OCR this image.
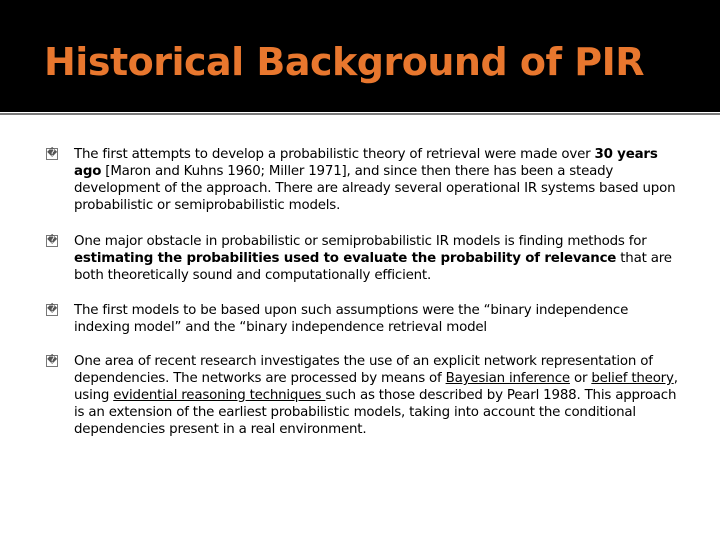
Historical Background of PIR
� The first attempts to develop a probabilistic theory of retrieval were made over 30 years ago [Maron and Kuhns 1960; Miller 1971], and since then there has been a steady development of the approach. There are already several operational IR systems based upon probabilistic or semiprobabilistic models.
� One major obstacle in probabilistic or semiprobabilistic IR models is finding methods for estimating the probabilities used to evaluate the probability of relevance that are both theoretically sound and computationally efficient.
� The first models to be based upon such assumptions were the “binary independence indexing model” and the “binary independence retrieval model
� One area of recent research investigates the use of an explicit network representation of dependencies. The networks are processed by means of Bayesian inference or belief theory, using evidential reasoning techniques such as those described by Pearl 1988. This approach is an extension of the earliest probabilistic models, taking into account the conditional dependencies present in a real environment.
